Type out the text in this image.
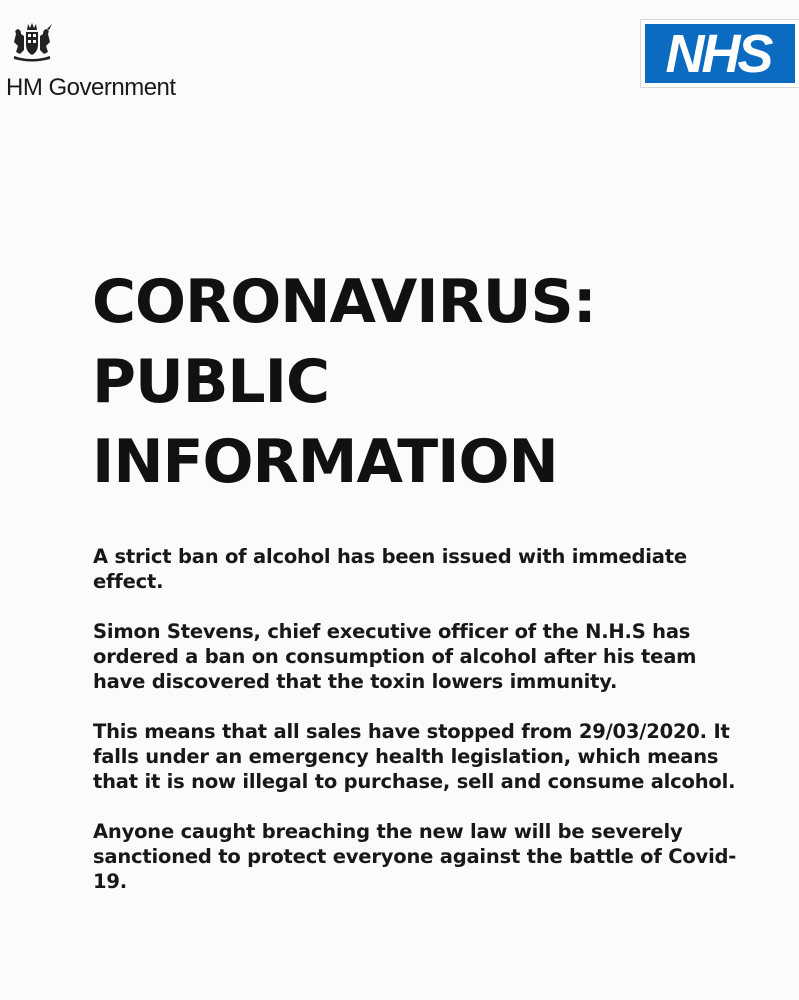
HM Government
NHS
CORONAVIRUS:
PUBLIC
INFORMATION

A strict ban of alcohol has been issued with immediate effect.

Simon Stevens, chief executive officer of the N.H.S has ordered a ban on consumption of alcohol after his team have discovered that the toxin lowers immunity.

This means that all sales have stopped from 29/03/2020. It falls under an emergency health legislation, which means that it is now illegal to purchase, sell and consume alcohol.

Anyone caught breaching the new law will be severely sanctioned to protect everyone against the battle of Covid-19.
